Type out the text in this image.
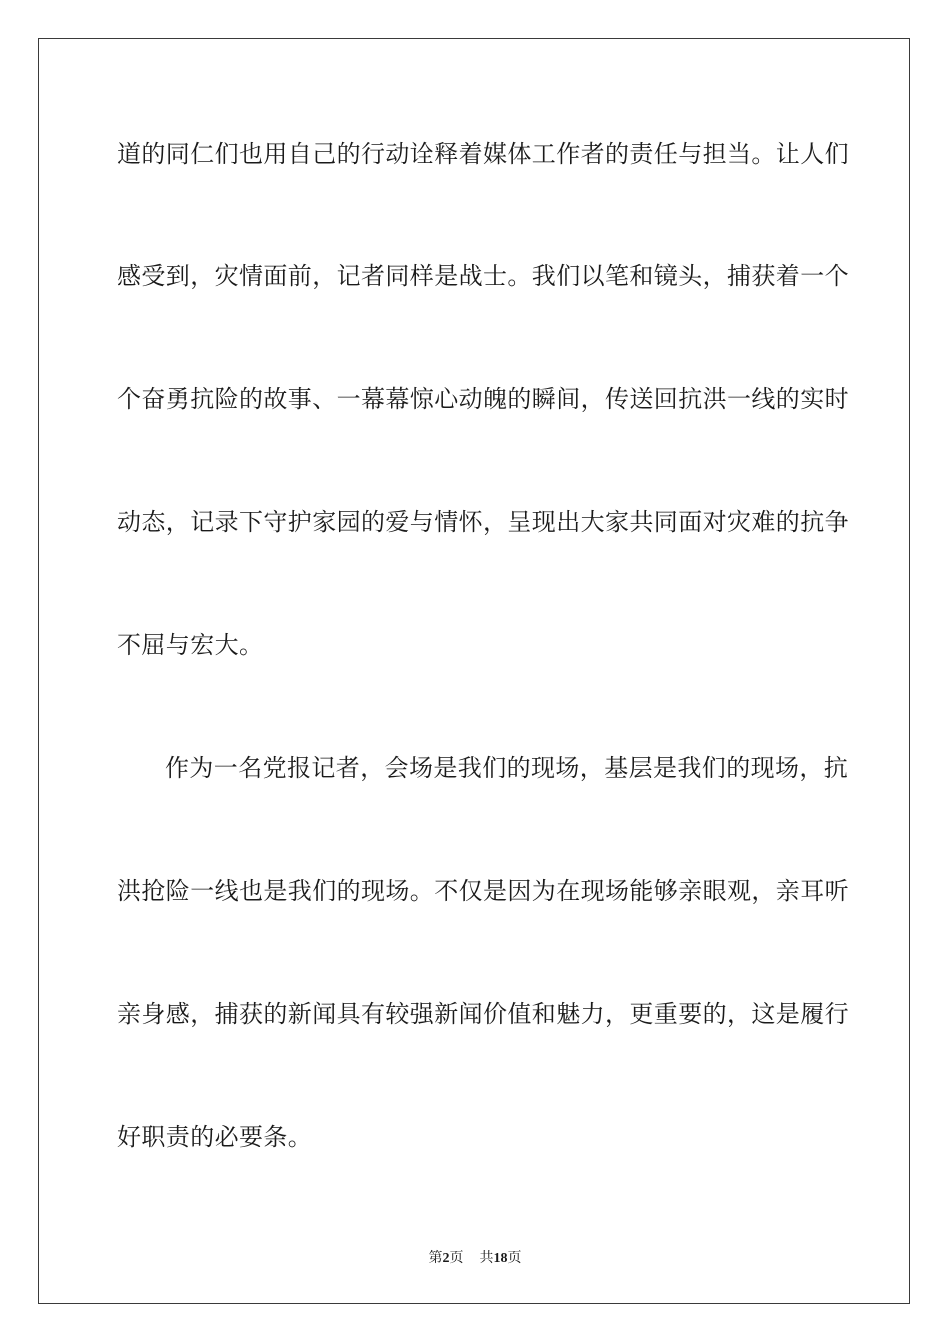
道的同仁们也用自己的行动诠释着媒体工作者的责任与担当。让人们
感受到，灾情面前，记者同样是战士。我们以笔和镜头，捕获着一个
个奋勇抗险的故事、一幕幕惊心动魄的瞬间，传送回抗洪一线的实时
动态，记录下守护家园的爱与情怀，呈现出大家共同面对灾难的抗争
不屈与宏大。
作为一名党报记者，会场是我们的现场，基层是我们的现场，抗
洪抢险一线也是我们的现场。不仅是因为在现场能够亲眼观，亲耳听
亲身感，捕获的新闻具有较强新闻价值和魅力，更重要的，这是履行
好职责的必要条。
第2页 共18页
